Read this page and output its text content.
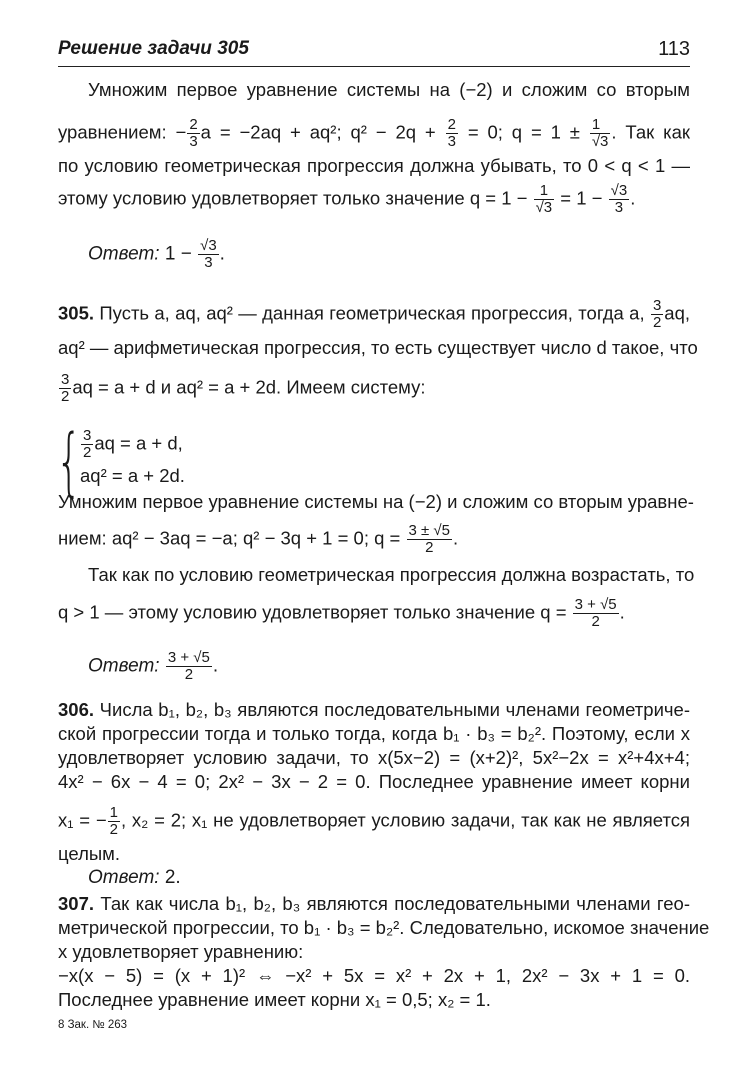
Решение задачи 305	113
Умножим первое уравнение системы на (−2) и сложим со вторым
уравнением: − $\frac{2}{3}$ a = −2aq + aq²; $q^2 - 2q + \frac{2}{3} = 0$; $q = 1 \pm \frac{1}{√3}$ . Так как
по условию геометрическая прогрессия должна убывать, то 0 < q < 1 —
этому условию удовлетворяет только значение $q = 1 - \frac{1}{√3} = 1 - \frac{√3}{3}$ .
Ответ: $1 - \frac{√3}{3}$ .
305. Пусть a, aq, aq² — данная геометрическая прогрессия, тогда a, $\frac{3}{2}$ aq,
aq² — арифметическая прогрессия, то есть существует число d такое, что
$\frac{3}{2}$ aq = a + d и aq² = a + 2d. Имеем систему:
{ $\frac{3}{2}$ aq = a + d,
aq² = a + 2d.
Умножим первое уравнение системы на (−2) и сложим со вторым уравне-
нием: aq² − 3aq = −a; q² − 3q + 1 = 0; $q = \frac{3 \pm √5}{2}$ .
Так как по условию геометрическая прогрессия должна возрастать, то
q > 1 — этому условию удовлетворяет только значение $q = \frac{3 + √5}{2}$ .
Ответ: $\frac{3 + √5}{2}$ .
306. Числа b₁, b₂, b₃ являются последовательными членами геометриче-
ской прогрессии тогда и только тогда, когда b₁ · b₃ = b₂². Поэтому, если x
удовлетворяет условию задачи, то x(5x−2) = (x+2)², 5x²−2x = x²+4x+4;
4x² − 6x − 4 = 0; 2x² − 3x − 2 = 0. Последнее уравнение имеет корни
x₁ = − $\frac{1}{2}$ , x₂ = 2; x₁ не удовлетворяет условию задачи, так как не является
целым.
Ответ: 2.
307. Так как числа b₁, b₂, b₃ являются последовательными членами гео-
метрической прогрессии, то b₁ · b₃ = b₂². Следовательно, искомое значение
x удовлетворяет уравнению:
−x(x − 5) = (x + 1)² ⇔ −x² + 5x = x² + 2x + 1, 2x² − 3x + 1 = 0.
Последнее уравнение имеет корни x₁ = 0,5; x₂ = 1.
8 Зак. № 263
